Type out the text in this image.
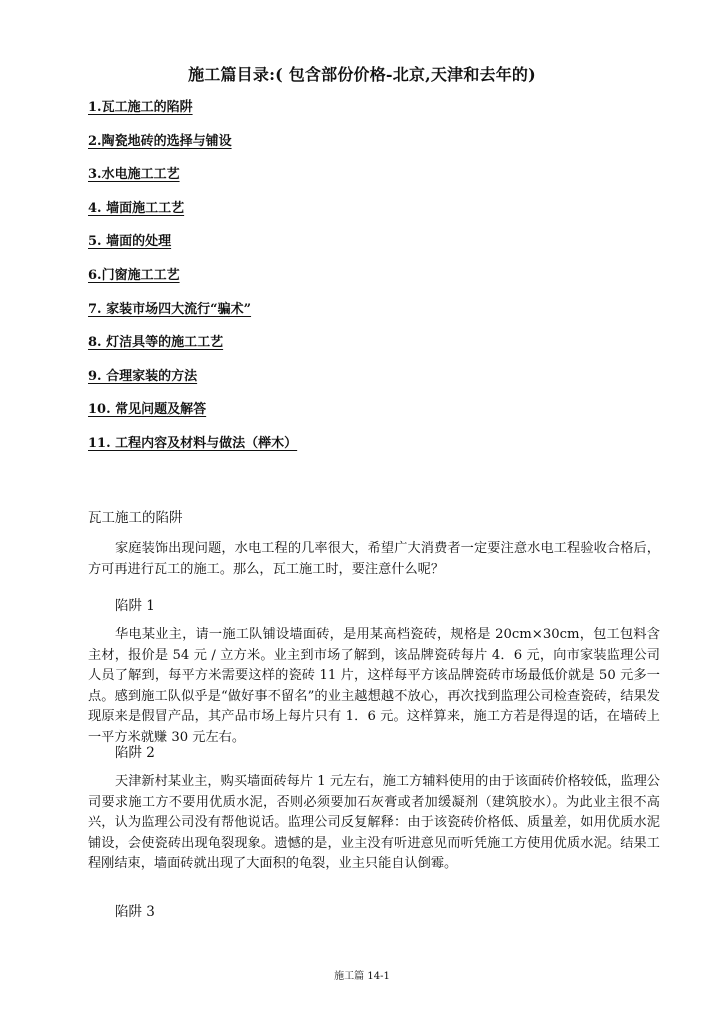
施工篇目录:( 包含部份价格-北京,天津和去年的)
1.瓦工施工的陷阱
2.陶瓷地砖的选择与铺设
3.水电施工工艺
4. 墙面施工工艺
5. 墙面的处理
6.门窗施工工艺
7. 家装市场四大流行“骗术”
8. 灯洁具等的施工工艺
9. 合理家装的方法
10. 常见问题及解答
11. 工程内容及材料与做法（榉木）
瓦工施工的陷阱

家庭装饰出现问题，水电工程的几率很大，希望广大消费者一定要注意水电工程验收合格后，方可再进行瓦工的施工。那么，瓦工施工时，要注意什么呢？

陷阱 1

华电某业主，请一施工队铺设墙面砖，是用某高档瓷砖，规格是 20cm×30cm，包工包料含主材，报价是 54 元 / 立方米。业主到市场了解到，该品牌瓷砖每片 4．6 元，向市家装监理公司人员了解到，每平方米需要这样的瓷砖 11 片，这样每平方该品牌瓷砖市场最低价就是 50 元多一点。感到施工队似乎是“做好事不留名”的业主越想越不放心，再次找到监理公司检查瓷砖，结果发现原来是假冒产品，其产品市场上每片只有 1．6 元。这样算来，施工方若是得逞的话，在墙砖上一平方米就赚 30 元左右。

陷阱 2

天津新村某业主，购买墙面砖每片 1 元左右，施工方辅料使用的由于该面砖价格较低，监理公司要求施工方不要用优质水泥，否则必须要加石灰膏或者加缓凝剂（建筑胶水）。为此业主很不高兴，认为监理公司没有帮他说话。监理公司反复解释：由于该瓷砖价格低、质量差，如用优质水泥铺设，会使瓷砖出现龟裂现象。遗憾的是，业主没有听进意见而听凭施工方使用优质水泥。结果工程刚结束，墙面砖就出现了大面积的龟裂，业主只能自认倒霉。

陷阱 3
施工篇 14-1
